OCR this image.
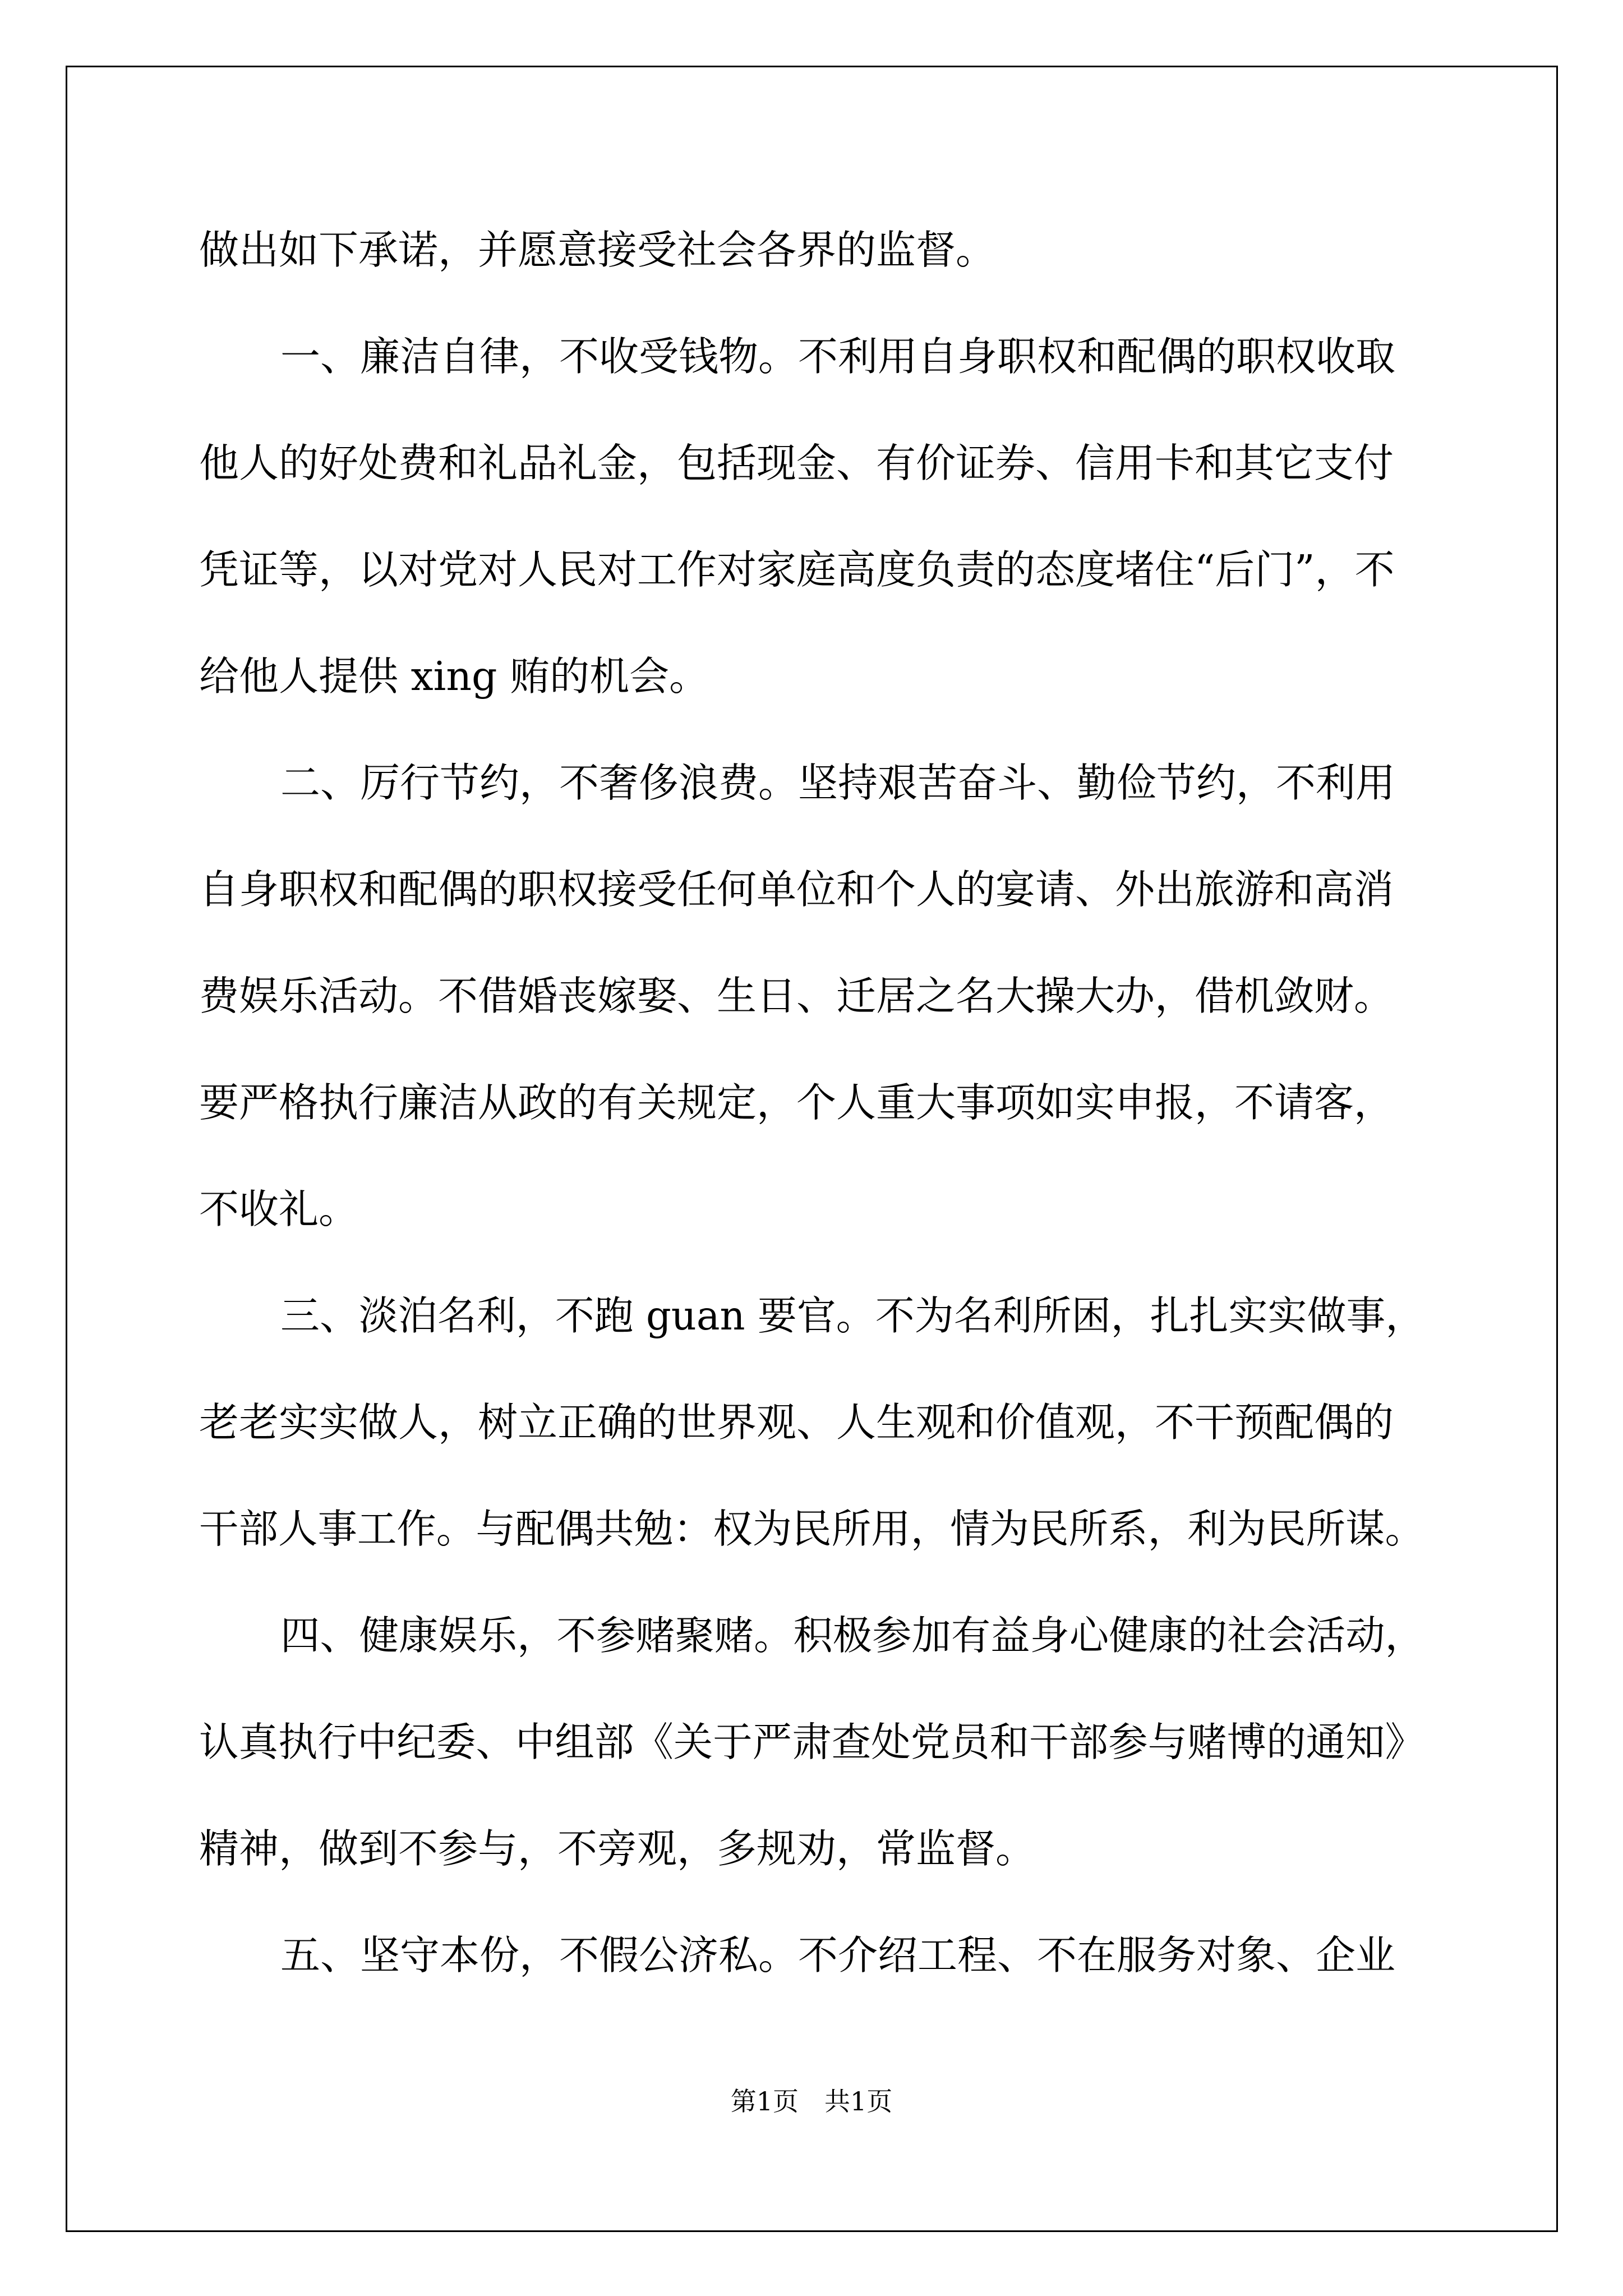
做出如下承诺，并愿意接受社会各界的监督。
一、廉洁自律，不收受钱物。不利用自身职权和配偶的职权收取
他人的好处费和礼品礼金，包括现金、有价证券、信用卡和其它支付
凭证等，以对党对人民对工作对家庭高度负责的态度堵住“后门”，不
给他人提供 xing 贿的机会。
二、厉行节约，不奢侈浪费。坚持艰苦奋斗、勤俭节约，不利用
自身职权和配偶的职权接受任何单位和个人的宴请、外出旅游和高消
费娱乐活动。不借婚丧嫁娶、生日、迁居之名大操大办，借机敛财。
要严格执行廉洁从政的有关规定，个人重大事项如实申报，不请客，
不收礼。
三、淡泊名利，不跑 guan 要官。不为名利所困，扎扎实实做事，
老老实实做人，树立正确的世界观、人生观和价值观，不干预配偶的
干部人事工作。与配偶共勉：权为民所用，情为民所系，利为民所谋。
四、健康娱乐，不参赌聚赌。积极参加有益身心健康的社会活动，
认真执行中纪委、中组部《关于严肃查处党员和干部参与赌博的通知》
精神，做到不参与，不旁观，多规劝，常监督。
五、坚守本份，不假公济私。不介绍工程、不在服务对象、企业
第1页　共1页
